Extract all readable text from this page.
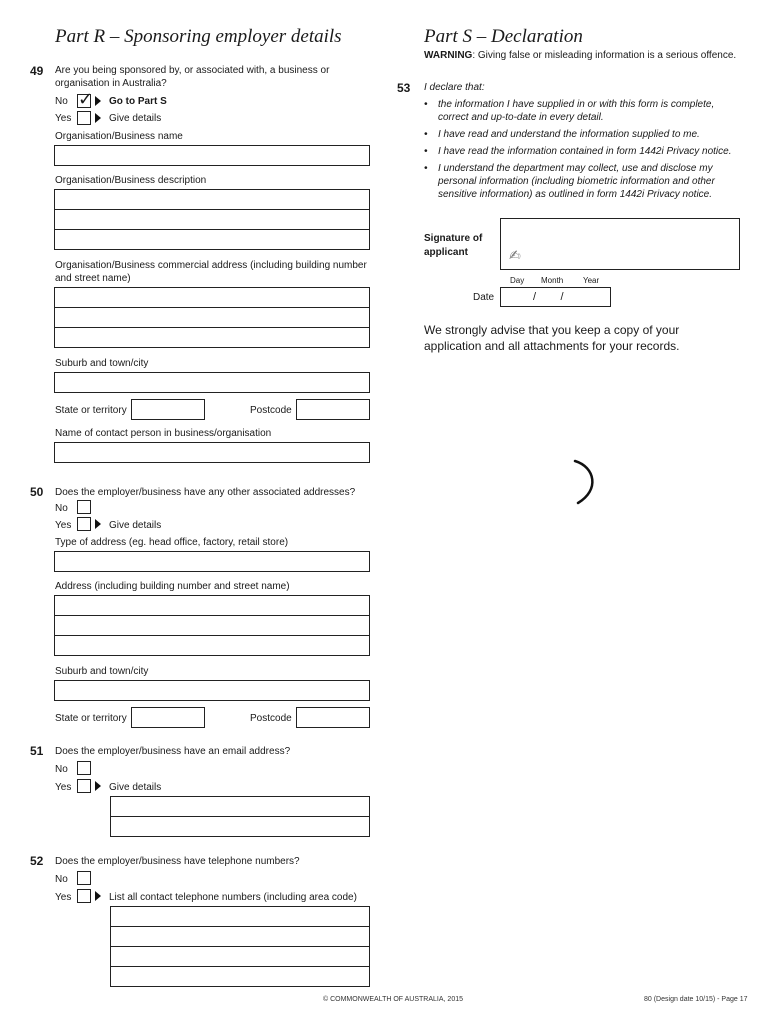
Part R – Sponsoring employer details
49 Are you being sponsored by, or associated with, a business or organisation in Australia?
No ✓ Go to Part S
Yes	Give details
Organisation/Business name
Organisation/Business description
Organisation/Business commercial address (including building number and street name)
Suburb and town/city
State or territory	Postcode
Name of contact person in business/organisation
50 Does the employer/business have any other associated addresses?
No
Yes	Give details
Type of address (eg. head office, factory, retail store)
Address (including building number and street name)
Suburb and town/city
State or territory	Postcode
51 Does the employer/business have an email address?
No
Yes	Give details
52 Does the employer/business have telephone numbers?
No
Yes	List all contact telephone numbers (including area code)
Part S – Declaration
WARNING: Giving false or misleading information is a serious offence.
53 I declare that:
•	the information I have supplied in or with this form is complete, correct and up-to-date in every detail.
•	I have read and understand the information supplied to me.
•	I have read the information contained in form 1442i Privacy notice.
•	I understand the department may collect, use and disclose my personal information (including biometric information and other sensitive information) as outlined in form 1442i Privacy notice.
Signature of applicant	✍
Day Month Year
Date	/        /
We strongly advise that you keep a copy of your application and all attachments for your records.
© COMMONWEALTH OF AUSTRALIA, 2015	80 (Design date 10/15) - Page 17
